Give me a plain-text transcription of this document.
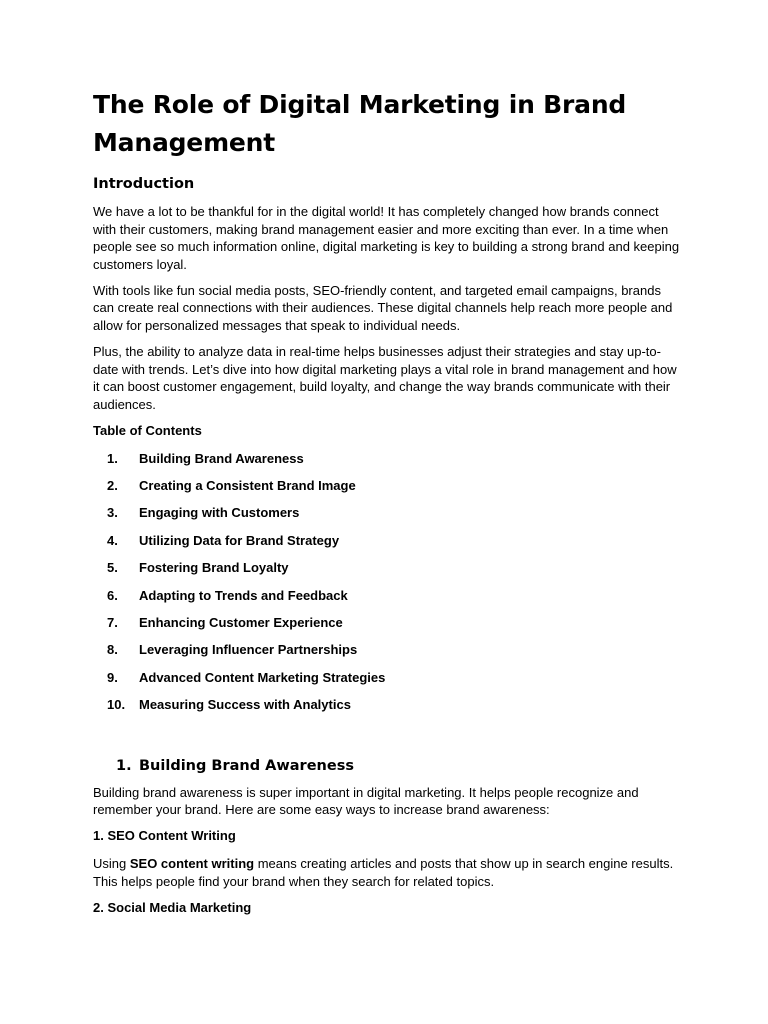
The Role of Digital Marketing in Brand Management
Introduction

We have a lot to be thankful for in the digital world! It has completely changed how brands connect with their customers, making brand management easier and more exciting than ever. In a time when people see so much information online, digital marketing is key to building a strong brand and keeping customers loyal.

With tools like fun social media posts, SEO-friendly content, and targeted email campaigns, brands can create real connections with their audiences. These digital channels help reach more people and allow for personalized messages that speak to individual needs.

Plus, the ability to analyze data in real-time helps businesses adjust their strategies and stay up-to-date with trends. Let’s dive into how digital marketing plays a vital role in brand management and how it can boost customer engagement, build loyalty, and change the way brands communicate with their audiences.

Table of Contents

1.	Building Brand Awareness
2.	Creating a Consistent Brand Image
3.	Engaging with Customers
4.	Utilizing Data for Brand Strategy
5.	Fostering Brand Loyalty
6.	Adapting to Trends and Feedback
7.	Enhancing Customer Experience
8.	Leveraging Influencer Partnerships
9.	Advanced Content Marketing Strategies
10.	Measuring Success with Analytics
1. Building Brand Awareness

Building brand awareness is super important in digital marketing. It helps people recognize and remember your brand. Here are some easy ways to increase brand awareness:

1. SEO Content Writing

Using SEO content writing means creating articles and posts that show up in search engine results. This helps people find your brand when they search for related topics.

2. Social Media Marketing
